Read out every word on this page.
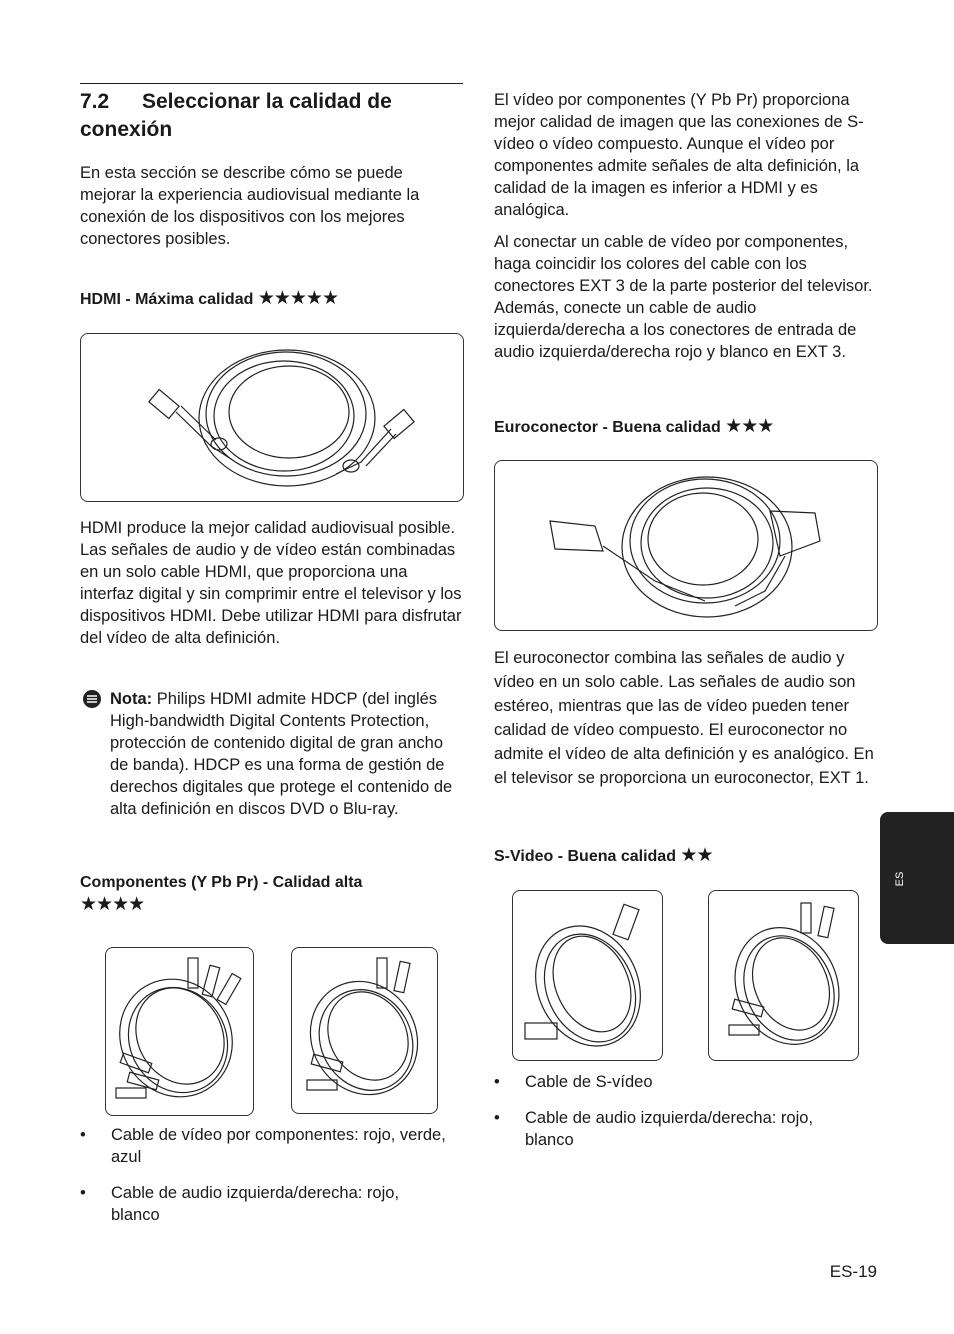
7.2 Seleccionar la calidad de conexión
En esta sección se describe cómo se puede mejorar la experiencia audiovisual mediante la conexión de los dispositivos con los mejores conectores posibles.
HDMI - Máxima calidad ★★★★★
HDMI produce la mejor calidad audiovisual posible. Las señales de audio y de vídeo están combinadas en un solo cable HDMI, que proporciona una interfaz digital y sin comprimir entre el televisor y los dispositivos HDMI. Debe utilizar HDMI para disfrutar del vídeo de alta definición.
Nota: Philips HDMI admite HDCP (del inglés High-bandwidth Digital Contents Protection, protección de contenido digital de gran ancho de banda). HDCP es una forma de gestión de derechos digitales que protege el contenido de alta definición en discos DVD o Blu-ray.
Componentes (Y Pb Pr) - Calidad alta
★★★★
• Cable de vídeo por componentes: rojo, verde, azul
• Cable de audio izquierda/derecha: rojo, blanco
El vídeo por componentes (Y Pb Pr) proporciona mejor calidad de imagen que las conexiones de S-vídeo o vídeo compuesto. Aunque el vídeo por componentes admite señales de alta definición, la calidad de la imagen es inferior a HDMI y es analógica.
Al conectar un cable de vídeo por componentes, haga coincidir los colores del cable con los conectores EXT 3 de la parte posterior del televisor. Además, conecte un cable de audio izquierda/derecha a los conectores de entrada de audio izquierda/derecha rojo y blanco en EXT 3.
Euroconector - Buena calidad ★★★
El euroconector combina las señales de audio y vídeo en un solo cable. Las señales de audio son estéreo, mientras que las de vídeo pueden tener calidad de vídeo compuesto. El euroconector no admite el vídeo de alta definición y es analógico. En el televisor se proporciona un euroconector, EXT 1.
S-Video - Buena calidad ★★
• Cable de S-vídeo
• Cable de audio izquierda/derecha: rojo, blanco
ES
ES-19
